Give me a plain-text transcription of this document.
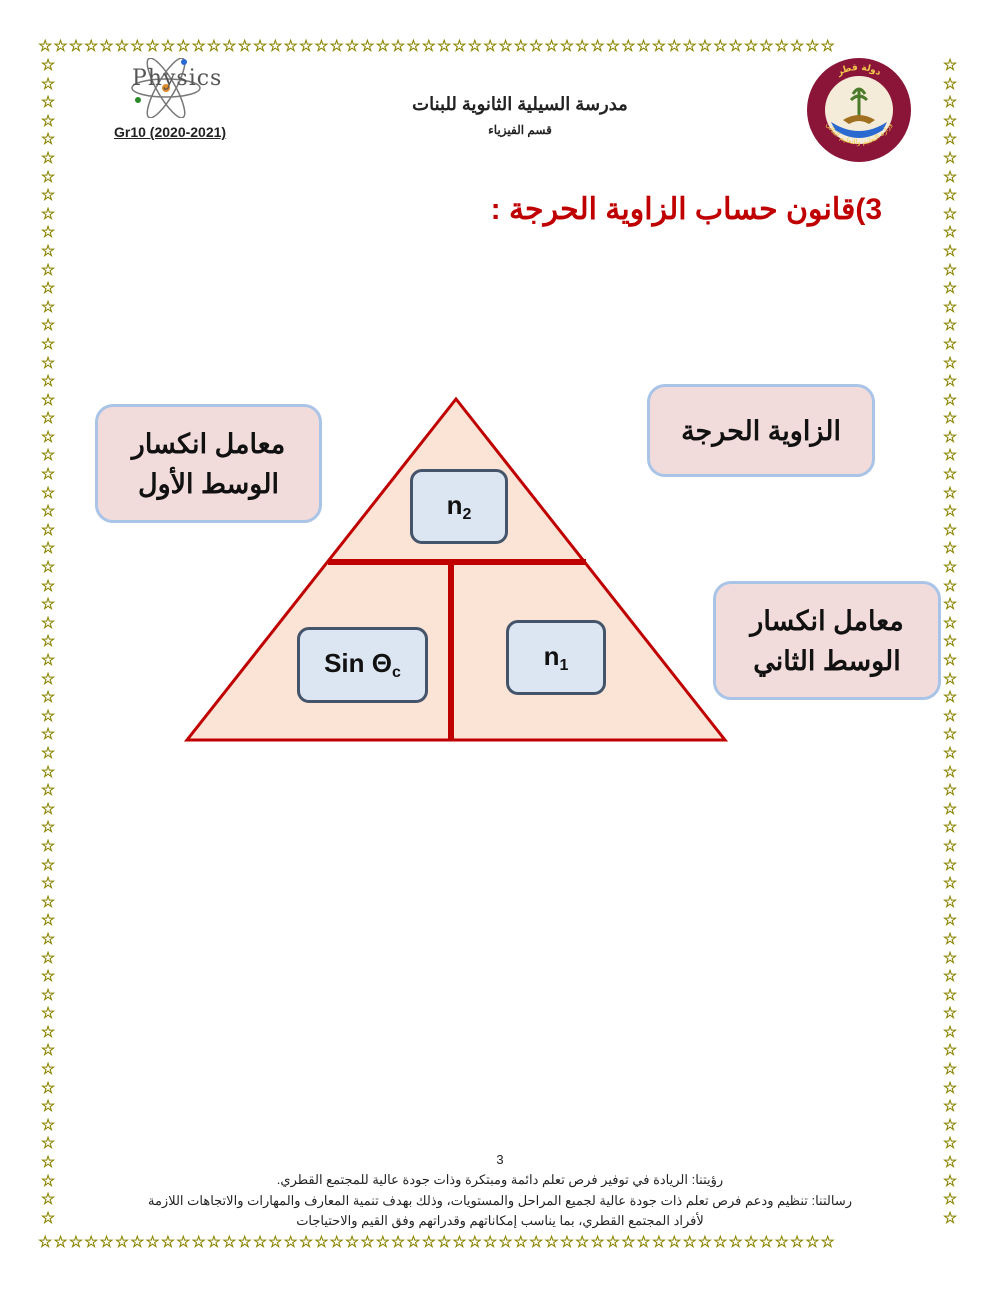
☆☆☆☆☆☆☆☆☆☆☆☆☆☆☆☆☆☆☆☆☆☆☆☆☆☆☆☆☆☆☆☆☆☆☆☆☆☆☆☆☆☆☆☆☆☆☆☆☆☆☆☆
☆☆☆☆☆☆☆☆☆☆☆☆☆☆☆☆☆☆☆☆☆☆☆☆☆☆☆☆☆☆☆☆☆☆☆☆☆☆☆☆☆☆☆☆☆☆☆☆☆☆☆☆
☆
☆
☆
☆
☆
☆
☆
☆
☆
☆
☆
☆
☆
☆
☆
☆
☆
☆
☆
☆
☆
☆
☆
☆
☆
☆
☆
☆
☆
☆
☆
☆
☆
☆
☆
☆
☆
☆
☆
☆
☆
☆
☆
☆
☆
☆
☆
☆
☆
☆
☆
☆
☆
☆
☆
☆
☆
☆
☆
☆
☆
☆
☆
☆
☆
☆
☆
☆
☆
☆
☆
☆
☆
☆
☆
☆
☆
☆
☆
☆
☆
☆
☆
☆
☆
☆
☆
☆
☆
☆
☆
☆
☆
☆
☆
☆
☆
☆
☆
☆
☆
☆
☆
☆
☆
☆
☆
☆
☆
☆
☆
☆
☆
☆
☆
☆
☆
☆
☆
☆
☆
☆
☆
☆
☆
☆
Physics
Gr10 (2020-2021)
مدرسة السيلية الثانوية للبنات
قسم الفيزياء
دولة قطر
وزارة التعليم والتعليم العالي
3)قانون حساب الزاوية الحرجة :
$n_2$
Sin $\Theta_c$
$n_1$
معامل انكسار
الوسط الأول
الزاوية الحرجة
معامل انكسار
الوسط الثاني
3
رؤيتنا: الريادة في توفير فرص تعلم دائمة ومبتكرة وذات جودة عالية للمجتمع القطري.
رسالتنا: تنظيم ودعم فرص تعلم ذات جودة عالية لجميع المراحل والمستويات، وذلك بهدف تنمية المعارف والمهارات والاتجاهات اللازمة
لأفراد المجتمع القطري، بما يناسب إمكاناتهم وقدراتهم وفق القيم والاحتياجات
